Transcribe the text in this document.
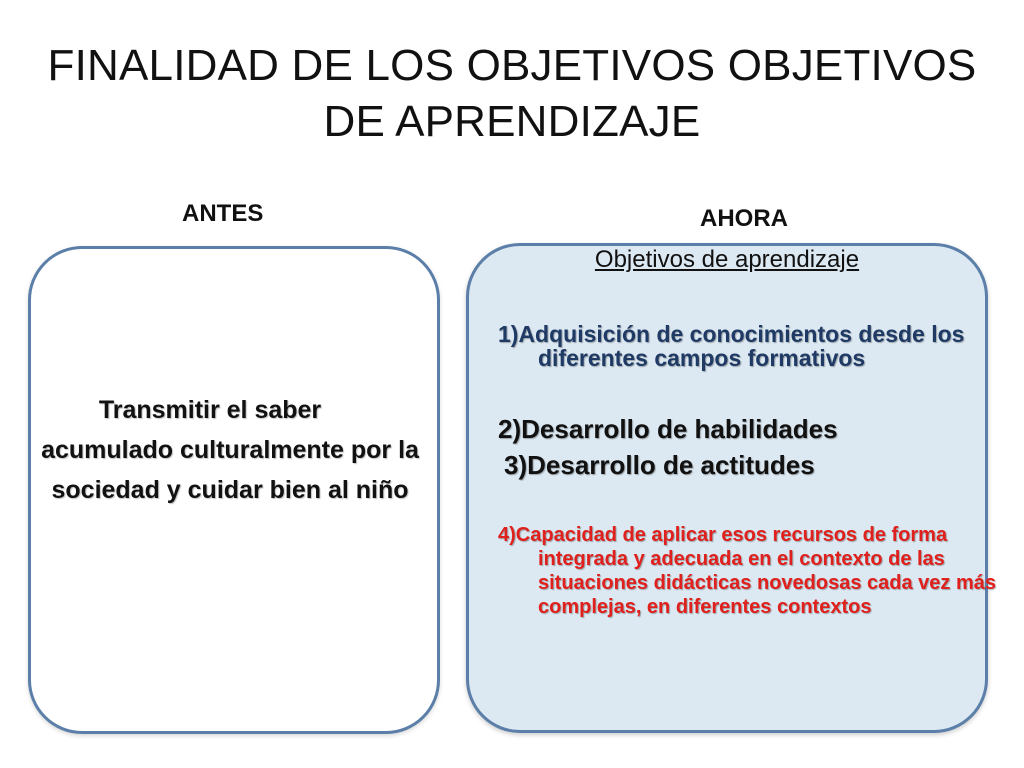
FINALIDAD DE LOS OBJETIVOS OBJETIVOS DE APRENDIZAJE
ANTES	AHORA
Transmitir el saber
acumulado culturalmente por la sociedad y cuidar bien al niño
Objetivos de aprendizaje
1)Adquisición de conocimientos desde los diferentes campos formativos
2)Desarrollo de habilidades
3)Desarrollo de actitudes
4)Capacidad de aplicar esos recursos de forma integrada y adecuada en el contexto de las situaciones didácticas novedosas cada vez más complejas, en diferentes contextos
